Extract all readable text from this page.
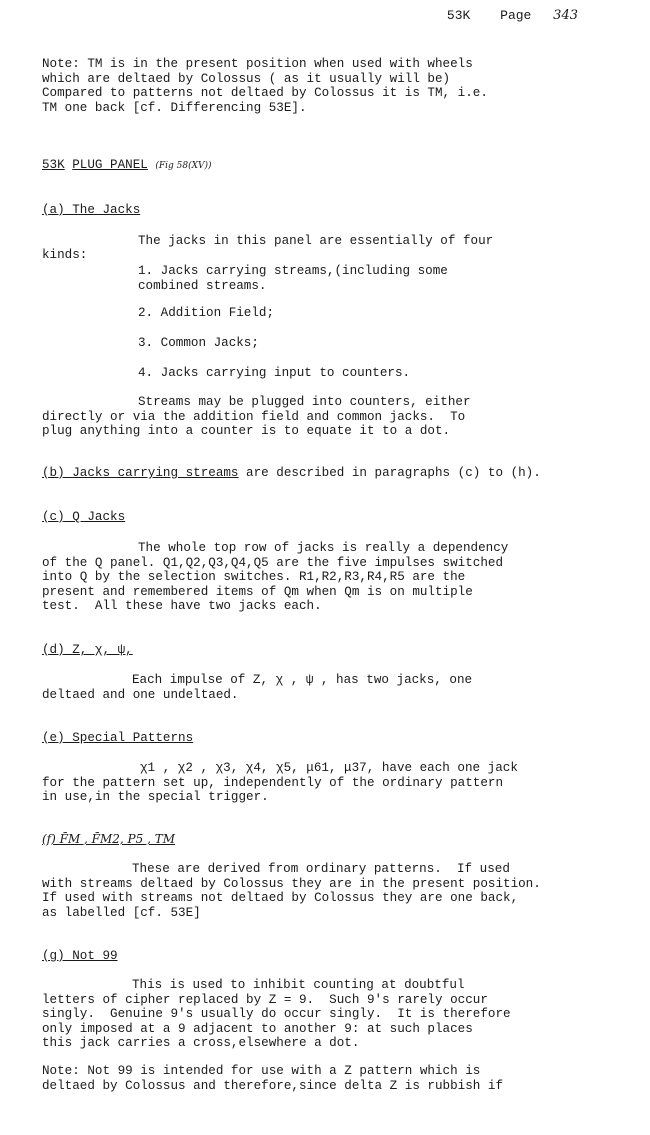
53K Page 343
Note: TM is in the present position when used with wheels
which are deltaed by Colossus ( as it usually will be)
Compared to patterns not deltaed by Colossus it is TM, i.e.
TM one back [cf. Differencing 53E].
53K PLUG PANEL (Fig 58(XV))
(a) The Jacks
The jacks in this panel are essentially of four
kinds:
1. Jacks carrying streams,(including some
combined streams.
2. Addition Field;
3. Common Jacks;
4. Jacks carrying input to counters.
Streams may be plugged into counters, either
directly or via the addition field and common jacks.  To
plug anything into a counter is to equate it to a dot.
(b) Jacks carrying streams are described in paragraphs (c) to (h).
(c) Q Jacks
The whole top row of jacks is really a dependency
of the Q panel. Q1,Q2,Q3,Q4,Q5 are the five impulses switched
into Q by the selection switches. R1,R2,R3,R4,R5 are the
present and remembered items of Qm when Qm is on multiple
test.  All these have two jacks each.
(d) Z, χ, ψ,
Each impulse of Z, χ , ψ , has two jacks, one
deltaed and one undeltaed.
(e) Special Patterns
χ1 , χ2 , χ3, χ4, χ5, μ61, μ37, have each one jack
for the pattern set up, independently of the ordinary pattern
in use,in the special trigger.
(f) F̄M , F̄M2, P5 , TM
These are derived from ordinary patterns.  If used
with streams deltaed by Colossus they are in the present position.
If used with streams not deltaed by Colossus they are one back,
as labelled [cf. 53E]
(g) Not 99
This is used to inhibit counting at doubtful
letters of cipher replaced by Z = 9.  Such 9's rarely occur
singly.  Genuine 9's usually do occur singly.  It is therefore
only imposed at a 9 adjacent to another 9: at such places
this jack carries a cross,elsewhere a dot.
Note: Not 99 is intended for use with a Z pattern which is
deltaed by Colossus and therefore,since delta Z is rubbish if
